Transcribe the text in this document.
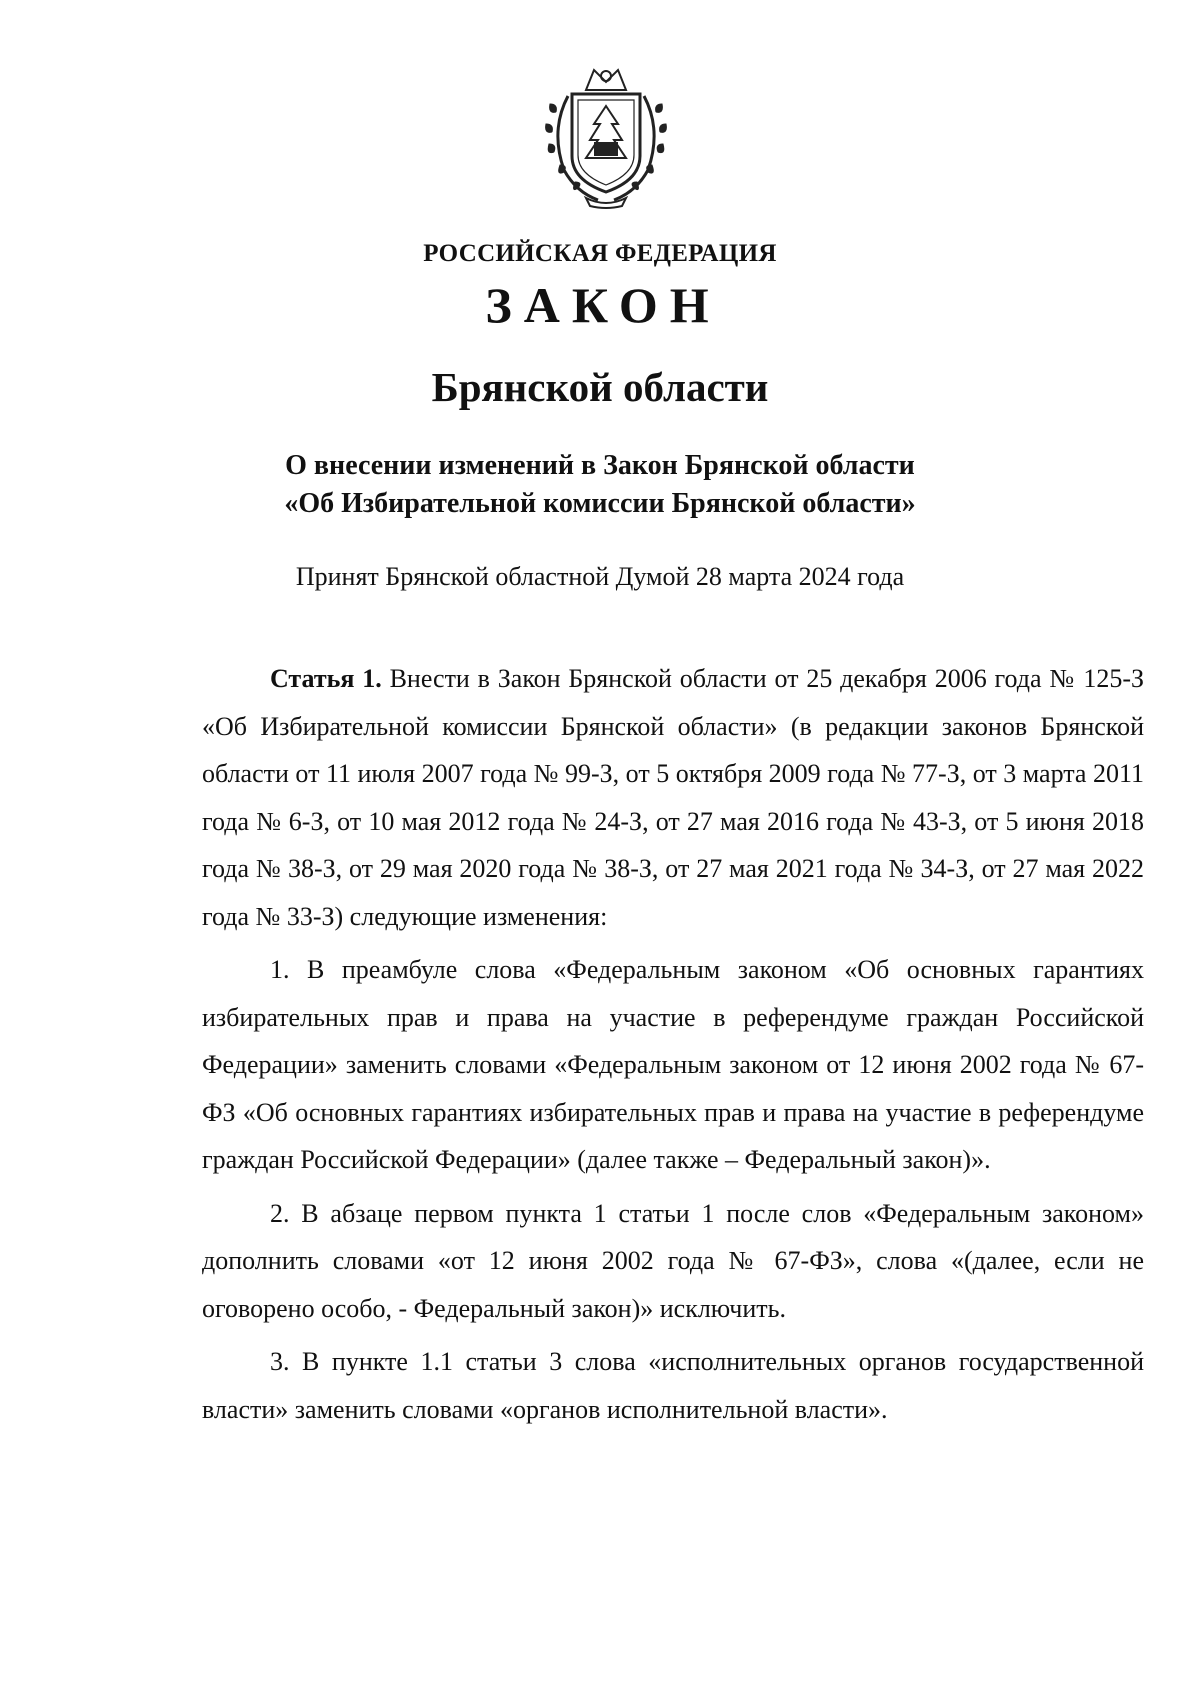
РОССИЙСКАЯ ФЕДЕРАЦИЯ
ЗАКОН
Брянской области
О внесении изменений в Закон Брянской области
«Об Избирательной комиссии Брянской области»
Принят Брянской областной Думой 28 марта 2024 года

Статья 1. Внести в Закон Брянской области от 25 декабря 2006 года № 125-З «Об Избирательной комиссии Брянской области» (в редакции законов Брянской области от 11 июля 2007 года № 99-З, от 5 октября 2009 года № 77-З, от 3 марта 2011 года № 6-З, от 10 мая 2012 года № 24-З, от 27 мая 2016 года № 43-З, от 5 июня 2018 года № 38-З, от 29 мая 2020 года № 38-З, от 27 мая 2021 года № 34-З, от 27 мая 2022 года № 33-З) следующие изменения:

1. В преамбуле слова «Федеральным законом «Об основных гарантиях избирательных прав и права на участие в референдуме граждан Российской Федерации» заменить словами «Федеральным законом от 12 июня 2002 года № 67-ФЗ «Об основных гарантиях избирательных прав и права на участие в референдуме граждан Российской Федерации» (далее также – Федеральный закон)».

2. В абзаце первом пункта 1 статьи 1 после слов «Федеральным законом» дополнить словами «от 12 июня 2002 года № 67-ФЗ», слова «(далее, если не оговорено особо, - Федеральный закон)» исключить.

3. В пункте 1.1 статьи 3 слова «исполнительных органов государственной власти» заменить словами «органов исполнительной власти».
